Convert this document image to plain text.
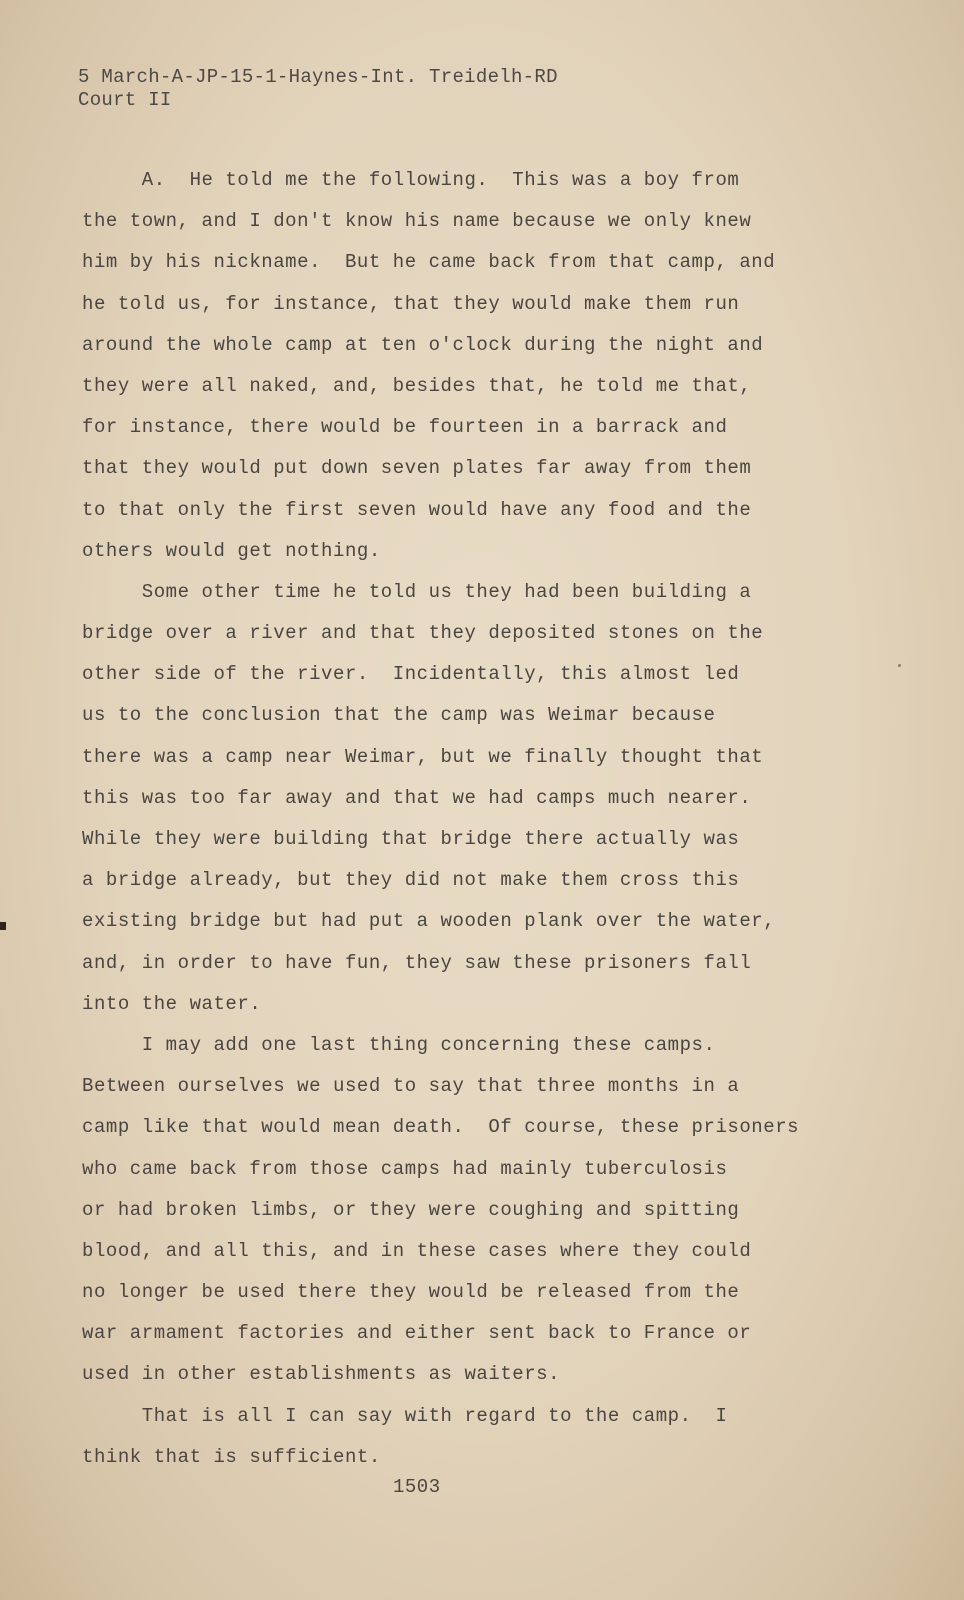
5 March-A-JP-15-1-Haynes-Int. Treidelh-RD
Court II
A.  He told me the following.  This was a boy from
the town, and I don't know his name because we only knew
him by his nickname.  But he came back from that camp, and
he told us, for instance, that they would make them run
around the whole camp at ten o'clock during the night and
they were all naked, and, besides that, he told me that,
for instance, there would be fourteen in a barrack and
that they would put down seven plates far away from them
to that only the first seven would have any food and the
others would get nothing.
Some other time he told us they had been building a
bridge over a river and that they deposited stones on the
other side of the river.  Incidentally, this almost led
us to the conclusion that the camp was Weimar because
there was a camp near Weimar, but we finally thought that
this was too far away and that we had camps much nearer.
While they were building that bridge there actually was
a bridge already, but they did not make them cross this
existing bridge but had put a wooden plank over the water,
and, in order to have fun, they saw these prisoners fall
into the water.
I may add one last thing concerning these camps.
Between ourselves we used to say that three months in a
camp like that would mean death.  Of course, these prisoners
who came back from those camps had mainly tuberculosis
or had broken limbs, or they were coughing and spitting
blood, and all this, and in these cases where they could
no longer be used there they would be released from the
war armament factories and either sent back to France or
used in other establishments as waiters.
That is all I can say with regard to the camp.  I
think that is sufficient.
1503
